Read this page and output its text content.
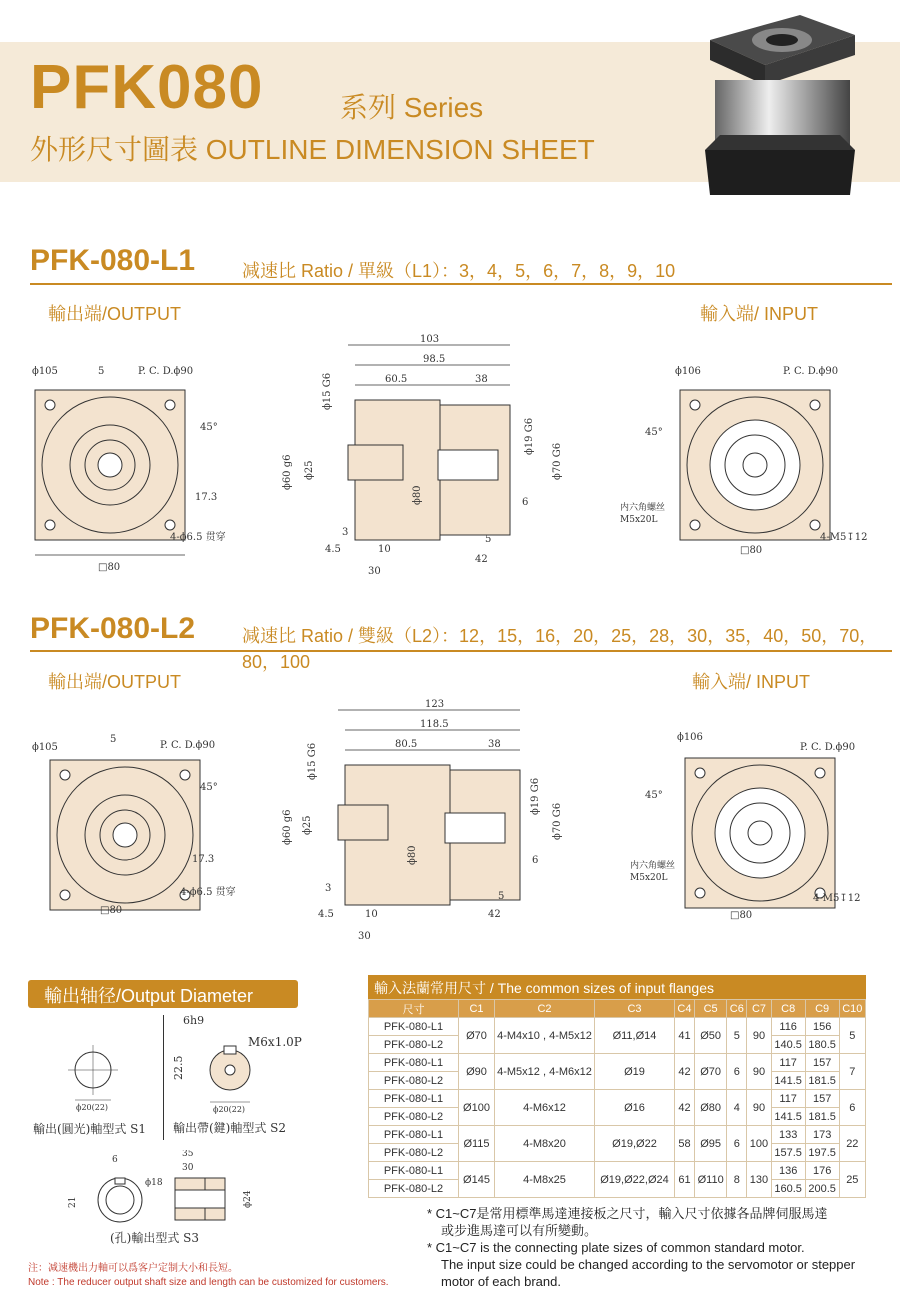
PFK080	系列 Series
外形尺寸圖表 OUTLINE DIMENSION SHEET
PFK-080-L1	减速比 Ratio / 單級（L1）：3，4，5，6，7，8，9，10
輸出端/OUTPUT	輸入端/ INPUT
ϕ105	5	P. C. D.ϕ90
45°
17.3
4-ϕ6.5 贯穿
□80
103
98.5
60.5	38
ϕ15 G6
ϕ60 g6 ϕ25
ϕ80
ϕ19 G6
ϕ70 G6
6
3
4.5	10
5
42
30
ϕ106	P. C. D.ϕ90
45°
内六角螺丝
M5x20L
4-M5↧12
□80
PFK-080-L2	减速比 Ratio / 雙級（L2）：12，15，16，20，25，28，30，35，40，50，70，80，100
輸出端/OUTPUT	輸入端/ INPUT
ϕ105
5
P. C. D.ϕ90
45°
17.3
4-ϕ6.5 贯穿
□80
123
118.5
80.5	38
ϕ15 G6
ϕ60 g6 ϕ25
ϕ80
ϕ19 G6
ϕ70 G6
6
3
4.5	10
5
42
30
ϕ106
P. C. D.ϕ90
45°
内六角螺丝
M5x20L
4-M5↧12
□80
輸出轴径/Output Diameter
ϕ20(22)
輸出(圓光)軸型式 S1
6h9
M6x1.0P
22.5
ϕ20(22)
輸出帶(鍵)軸型式 S2
6
ϕ18
21
35
30
ϕ24
(孔)輸出型式 S3
注：减速機出力軸可以爲客户定制大小和長短。
Note : The reducer output shaft size and length can be customized for customers.
輸入法蘭常用尺寸 / The common sizes of input flanges
尺寸	C1	C2	C3	C4	C5	C6	C7	C8	C9	C10
PFK-080-L1	Ø70	4-M4x10 , 4-M5x12	Ø11,Ø14	41	Ø50	5	90	116	156	5
PFK-080-L2								140.5	180.5	
PFK-080-L1	Ø90	4-M5x12 , 4-M6x12	Ø19	42	Ø70	6	90	117	157	7
PFK-080-L2								141.5	181.5	
PFK-080-L1	Ø100	4-M6x12	Ø16	42	Ø80	4	90	117	157	6
PFK-080-L2								141.5	181.5	
PFK-080-L1	Ø115	4-M8x20	Ø19,Ø22	58	Ø95	6	100	133	173	22
PFK-080-L2								157.5	197.5	
PFK-080-L1	Ø145	4-M8x25	Ø19,Ø22,Ø24	61	Ø110	8	130	136	176	25
PFK-080-L2								160.5	200.5	
* C1~C7是常用標準馬達連接板之尺寸，輸入尺寸依據各品牌伺服馬達
或步進馬達可以有所變動。
* C1~C7 is the connecting plate sizes of common standard motor.
The input size could be changed according to the servomotor or stepper
motor of each brand.
